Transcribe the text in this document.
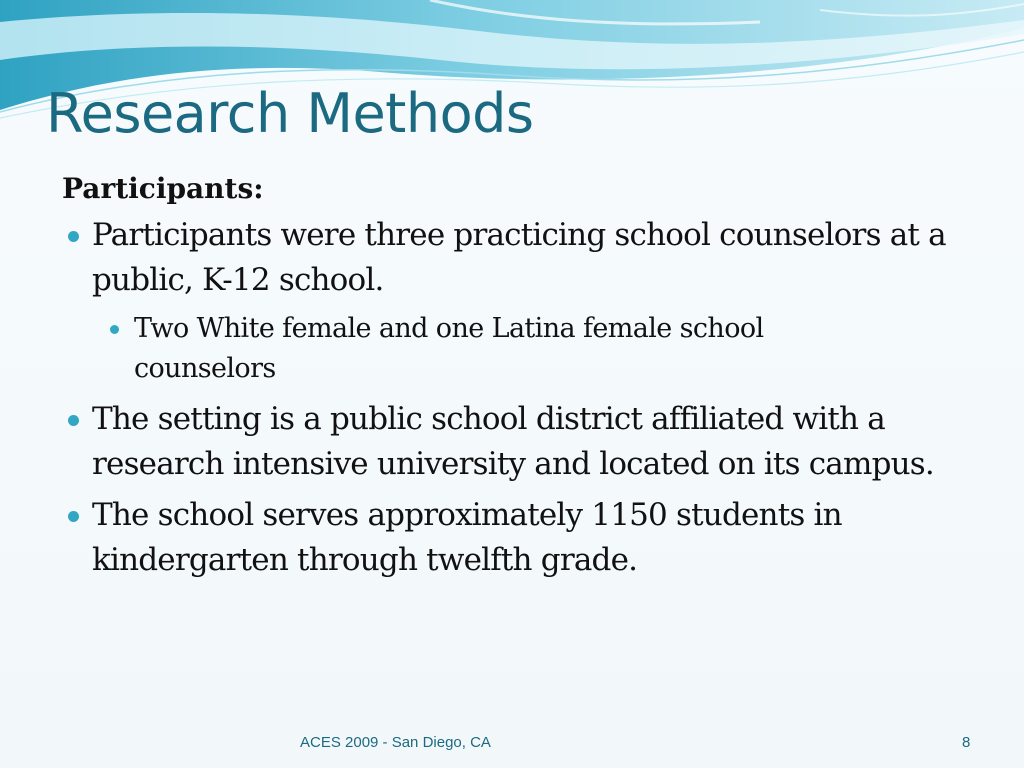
Research Methods
Participants:
Participants were three practicing school counselors at a public, K-12 school.
Two White female and one Latina female school counselors
The setting is a public school district affiliated with a research intensive university and located on its campus.
The school serves approximately 1150 students in kindergarten through twelfth grade.
ACES 2009 - San Diego, CA	8
